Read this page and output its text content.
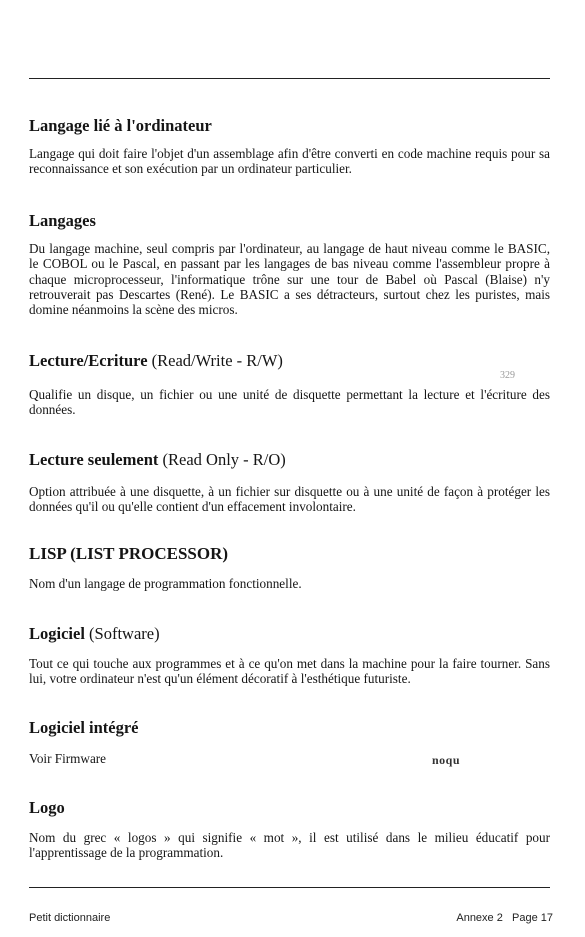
Langage lié à l'ordinateur

Langage qui doit faire l'objet d'un assemblage afin d'être converti en code machine requis pour sa reconnaissance et son exécution par un ordinateur particulier.

Langages

Du langage machine, seul compris par l'ordinateur, au langage de haut niveau comme le BASIC, le COBOL ou le Pascal, en passant par les langages de bas niveau comme l'assembleur propre à chaque microprocesseur, l'informatique trône sur une tour de Babel où Pascal (Blaise) n'y retrouverait pas Descartes (René). Le BASIC a ses détracteurs, surtout chez les puristes, mais domine néanmoins la scène des micros.

Lecture/Ecriture (Read/Write - R/W)

Qualifie un disque, un fichier ou une unité de disquette permettant la lecture et l'écriture des données.

Lecture seulement (Read Only - R/O)

Option attribuée à une disquette, à un fichier sur disquette ou à une unité de façon à protéger les données qu'il ou qu'elle contient d'un effacement involontaire.

LISP (LIST PROCESSOR)

Nom d'un langage de programmation fonctionnelle.

Logiciel (Software)

Tout ce qui touche aux programmes et à ce qu'on met dans la machine pour la faire tourner. Sans lui, votre ordinateur n'est qu'un élément décoratif à l'esthétique futuriste.

Logiciel intégré

Voir Firmware

Logo

Nom du grec « logos » qui signifie « mot », il est utilisé dans le milieu éducatif pour l'apprentissage de la programmation.

noqu
329
Petit dictionnaire	Annexe 2   Page 17
